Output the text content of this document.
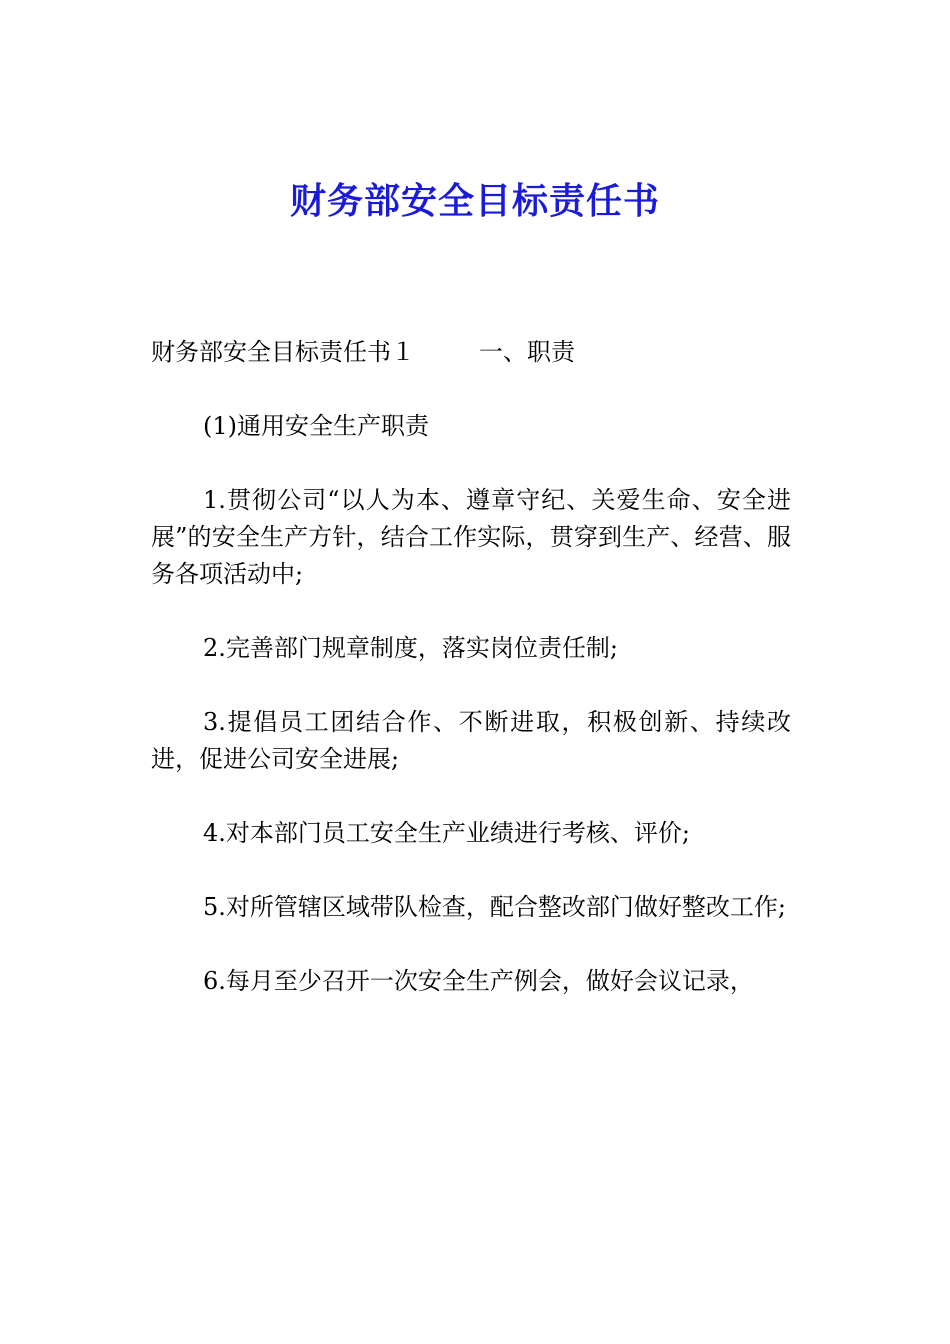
财务部安全目标责任书

财务部安全目标责任书１	一、职责

(1)通用安全生产职责

1.贯彻公司“以人为本、遵章守纪、关爱生命、安全进展”的安全生产方针，结合工作实际，贯穿到生产、经营、服务各项活动中;

2.完善部门规章制度，落实岗位责任制;

3.提倡员工团结合作、不断进取，积极创新、持续改进，促进公司安全进展;

4.对本部门员工安全生产业绩进行考核、评价;

5.对所管辖区域带队检查，配合整改部门做好整改工作;

6.每月至少召开一次安全生产例会，做好会议记录，
